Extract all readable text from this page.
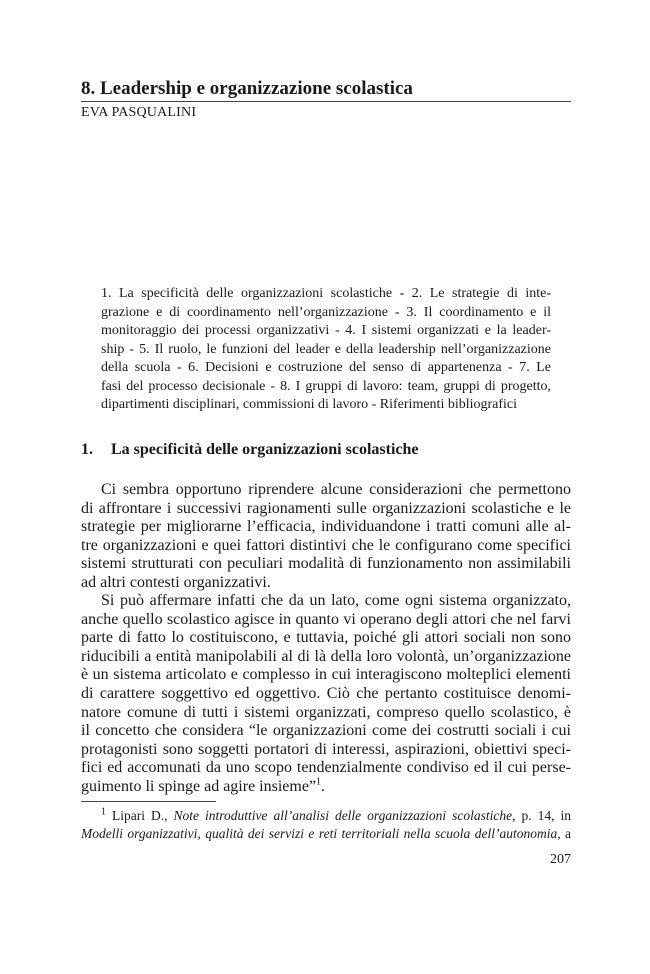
8. Leadership e organizzazione scolastica
EVA PASQUALINI
1. La specificità delle organizzazioni scolastiche - 2. Le strategie di inte-
grazione e di coordinamento nell’organizzazione - 3. Il coordinamento e il
monitoraggio dei processi organizzativi - 4. I sistemi organizzati e la leader-
ship - 5. Il ruolo, le funzioni del leader e della leadership nell’organizzazione
della scuola - 6. Decisioni e costruzione del senso di appartenenza - 7. Le
fasi del processo decisionale - 8. I gruppi di lavoro: team, gruppi di progetto,
dipartimenti disciplinari, commissioni di lavoro - Riferimenti bibliografici
1. La specificità delle organizzazioni scolastiche
Ci sembra opportuno riprendere alcune considerazioni che permettono
di affrontare i successivi ragionamenti sulle organizzazioni scolastiche e le
strategie per migliorarne l’efficacia, individuandone i tratti comuni alle al-
tre organizzazioni e quei fattori distintivi che le configurano come specifici
sistemi strutturati con peculiari modalità di funzionamento non assimilabili
ad altri contesti organizzativi.
Si può affermare infatti che da un lato, come ogni sistema organizzato,
anche quello scolastico agisce in quanto vi operano degli attori che nel farvi
parte di fatto lo costituiscono, e tuttavia, poiché gli attori sociali non sono
riducibili a entità manipolabili al di là della loro volontà, un’organizzazione
è un sistema articolato e complesso in cui interagiscono molteplici elementi
di carattere soggettivo ed oggettivo. Ciò che pertanto costituisce denomi-
natore comune di tutti i sistemi organizzati, compreso quello scolastico, è
il concetto che considera “le organizzazioni come dei costrutti sociali i cui
protagonisti sono soggetti portatori di interessi, aspirazioni, obiettivi speci-
fici ed accomunati da uno scopo tendenzialmente condiviso ed il cui perse-
guimento li spinge ad agire insieme”$^1$.
$^1$ Lipari D., Note introduttive all’analisi delle organizzazioni scolastiche, p. 14, in
Modelli organizzativi, qualità dei servizi e reti territoriali nella scuola dell’autonomia, a
207
